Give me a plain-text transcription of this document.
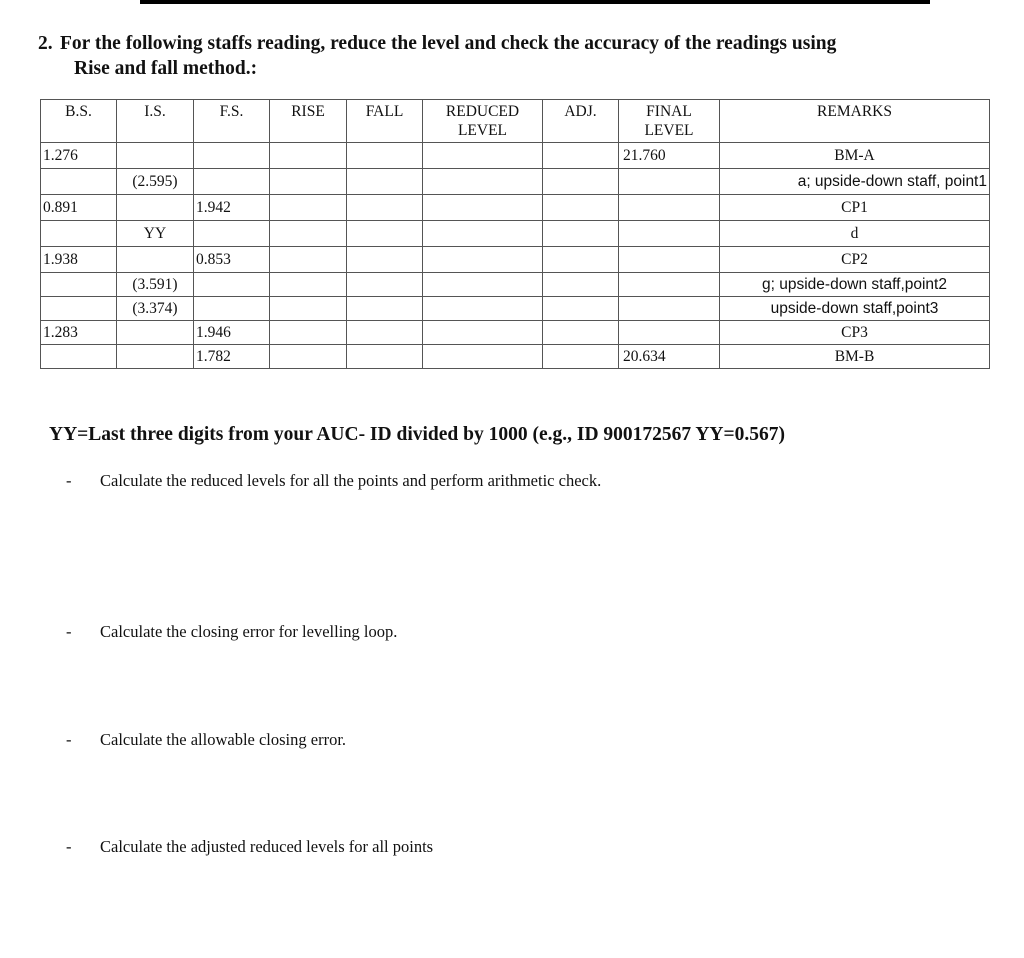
2. For the following staffs reading, reduce the level and check the accuracy of the readings using
Rise and fall method.:
B.S.	I.S.	F.S.	RISE	FALL	REDUCED LEVEL	ADJ.	FINAL LEVEL	REMARKS
1.276							21.760	BM-A
	(2.595)							a; upside-down staff, point1
0.891		1.942						CP1
	YY							d
1.938		0.853						CP2
	(3.591)							g; upside-down staff,point2
	(3.374)							upside-down staff,point3
1.283		1.946						CP3
		1.782					20.634	BM-B
YY=Last three digits from your AUC- ID divided by 1000 (e.g., ID 900172567 YY=0.567)
- Calculate the reduced levels for all the points and perform arithmetic check.
- Calculate the closing error for levelling loop.
- Calculate the allowable closing error.
- Calculate the adjusted reduced levels for all points
